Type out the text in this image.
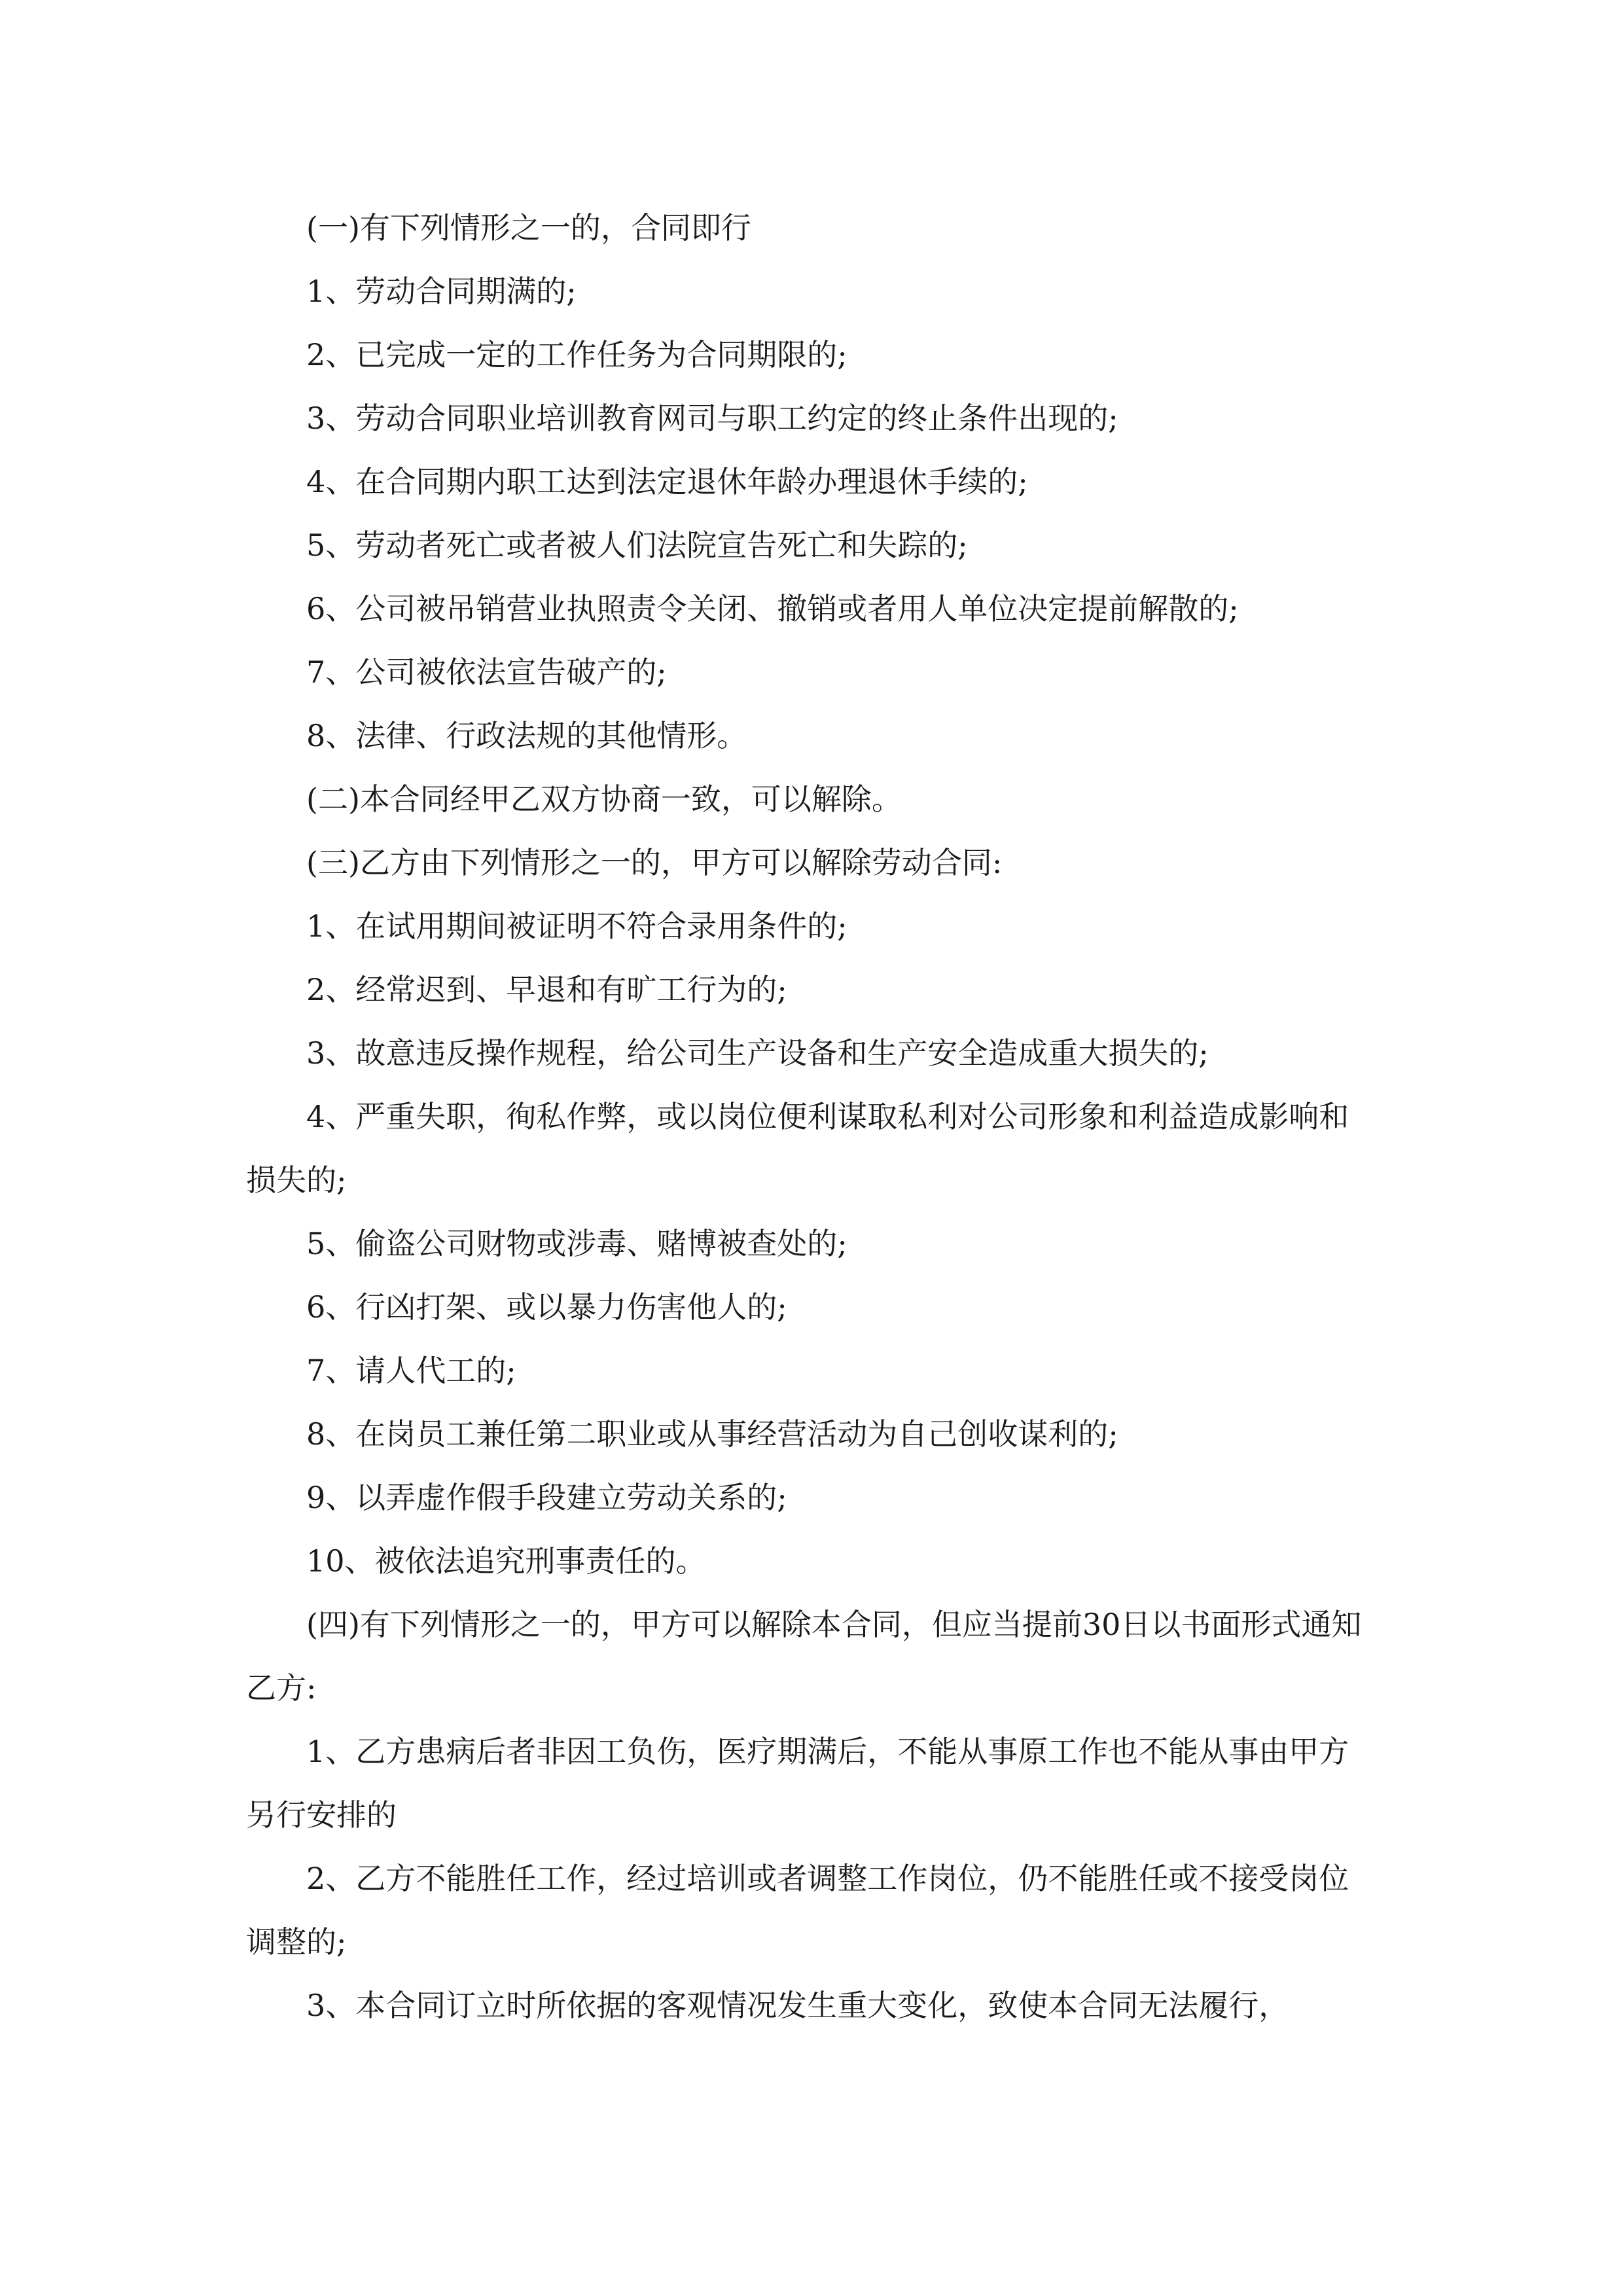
(一)有下列情形之一的，合同即行

1、劳动合同期满的;

2、已完成一定的工作任务为合同期限的;

3、劳动合同职业培训教育网司与职工约定的终止条件出现的;

4、在合同期内职工达到法定退休年龄办理退休手续的;

5、劳动者死亡或者被人们法院宣告死亡和失踪的;

6、公司被吊销营业执照责令关闭、撤销或者用人单位决定提前解散的;

7、公司被依法宣告破产的;

8、法律、行政法规的其他情形。

(二)本合同经甲乙双方协商一致，可以解除。

(三)乙方由下列情形之一的，甲方可以解除劳动合同:

1、在试用期间被证明不符合录用条件的;

2、经常迟到、早退和有旷工行为的;

3、故意违反操作规程，给公司生产设备和生产安全造成重大损失的;

4、严重失职，徇私作弊，或以岗位便利谋取私利对公司形象和利益造成影响和损失的;

5、偷盗公司财物或涉毒、赌博被查处的;

6、行凶打架、或以暴力伤害他人的;

7、请人代工的;

8、在岗员工兼任第二职业或从事经营活动为自己创收谋利的;

9、以弄虚作假手段建立劳动关系的;

10、被依法追究刑事责任的。

(四)有下列情形之一的，甲方可以解除本合同，但应当提前30日以书面形式通知乙方:

1、乙方患病后者非因工负伤，医疗期满后，不能从事原工作也不能从事由甲方另行安排的

2、乙方不能胜任工作，经过培训或者调整工作岗位，仍不能胜任或不接受岗位调整的;

3、本合同订立时所依据的客观情况发生重大变化，致使本合同无法履行，
